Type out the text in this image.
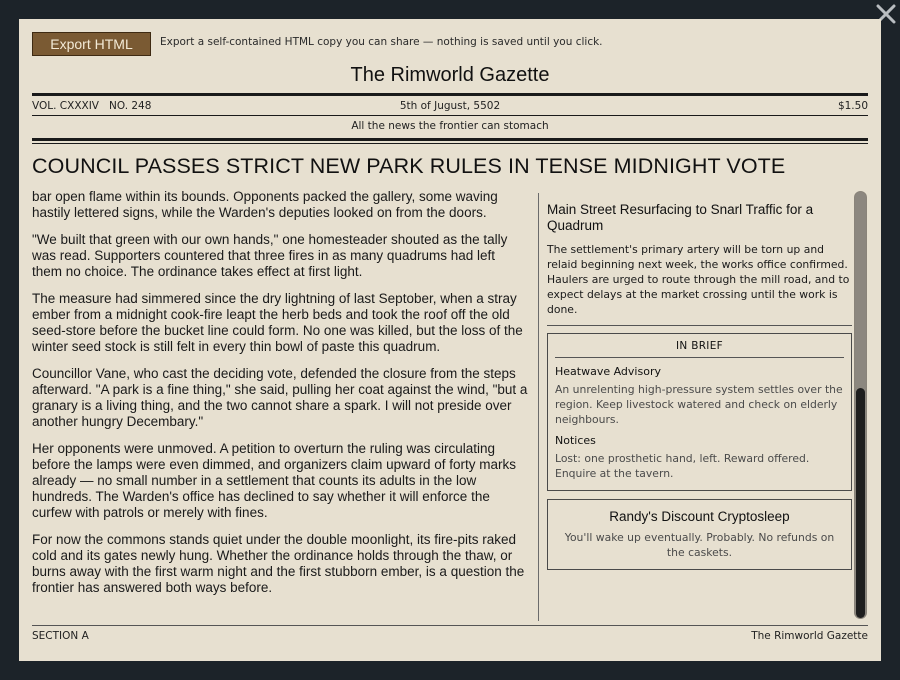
Export HTML	Export a self-contained HTML copy you can share — nothing is saved until you click.
The Rimworld Gazette
VOL. CXXXIV NO. 248	5th of Jugust, 5502	$1.50
All the news the frontier can stomach
COUNCIL PASSES STRICT NEW PARK RULES IN TENSE MIDNIGHT VOTE

bar open flame within its bounds. Opponents packed the gallery, some waving hastily lettered signs, while the Warden's deputies looked on from the doors.

"We built that green with our own hands," one homesteader shouted as the tally was read. Supporters countered that three fires in as many quadrums had left them no choice. The ordinance takes effect at first light.

The measure had simmered since the dry lightning of last Septober, when a stray ember from a midnight cook-fire leapt the herb beds and took the roof off the old seed-store before the bucket line could form. No one was killed, but the loss of the winter seed stock is still felt in every thin bowl of paste this quadrum.

Councillor Vane, who cast the deciding vote, defended the closure from the steps afterward. "A park is a fine thing," she said, pulling her coat against the wind, "but a granary is a living thing, and the two cannot share a spark. I will not preside over another hungry Decembary."

Her opponents were unmoved. A petition to overturn the ruling was circulating before the lamps were even dimmed, and organizers claim upward of forty marks already — no small number in a settlement that counts its adults in the low hundreds. The Warden's office has declined to say whether it will enforce the curfew with patrols or merely with fines.

For now the commons stands quiet under the double moonlight, its fire-pits raked cold and its gates newly hung. Whether the ordinance holds through the thaw, or burns away with the first warm night and the first stubborn ember, is a question the frontier has answered both ways before.

Main Street Resurfacing to Snarl Traffic for a Quadrum
The settlement's primary artery will be torn up and relaid beginning next week, the works office confirmed. Haulers are urged to route through the mill road, and to expect delays at the market crossing until the work is done.
IN BRIEF
Heatwave Advisory
An unrelenting high-pressure system settles over the region. Keep livestock watered and check on elderly neighbours.
Notices
Lost: one prosthetic hand, left. Reward offered. Enquire at the tavern.
Randy's Discount Cryptosleep
You'll wake up eventually. Probably. No refunds on the caskets.
SECTION A	The Rimworld Gazette
